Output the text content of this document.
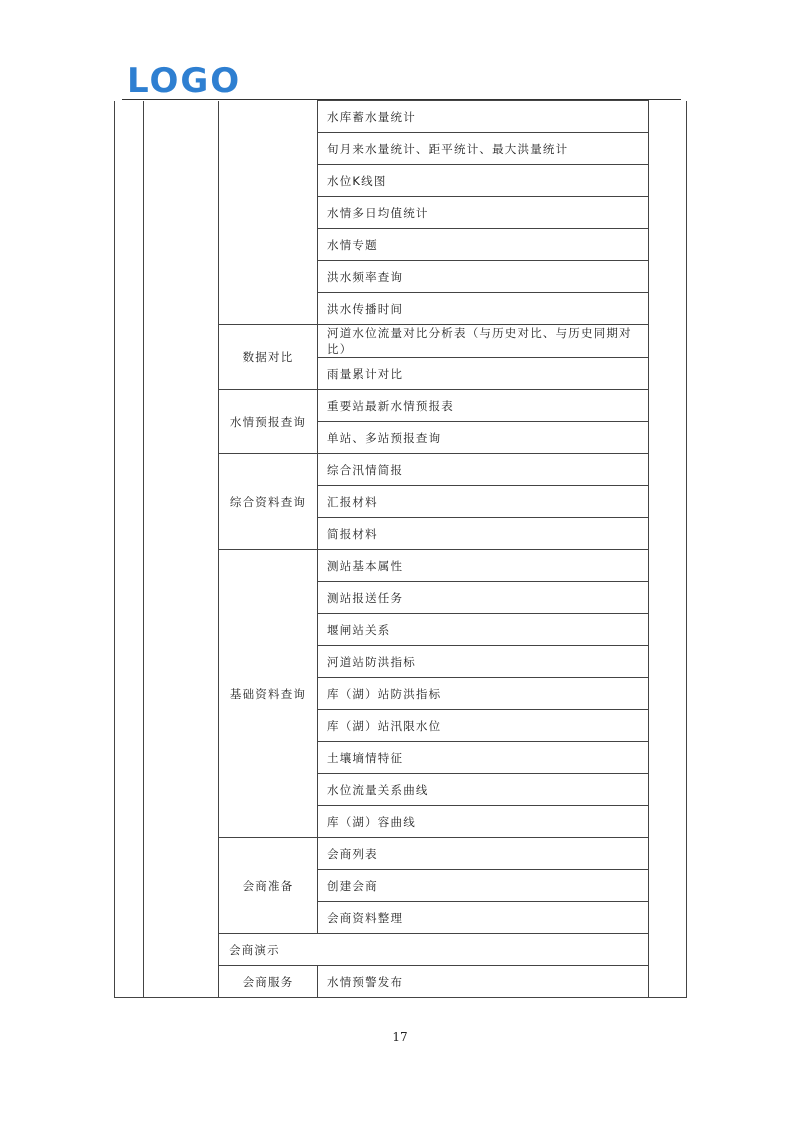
LOGO
			水库蓄水量统计	
			旬月来水量统计、距平统计、最大洪量统计	
			水位K线图	
			水情多日均值统计	
			水情专题	
			洪水频率查询	
			洪水传播时间	
		数据对比	河道水位流量对比分析表（与历史对比、与历史同期对比）	
			雨量累计对比	
		水情预报查询	重要站最新水情预报表	
			单站、多站预报查询	
		综合资料查询	综合汛情简报	
			汇报材料	
			简报材料	
		基础资料查询	测站基本属性	
			测站报送任务	
			堰闸站关系	
			河道站防洪指标	
			库（湖）站防洪指标	
			库（湖）站汛限水位	
			土壤墒情特征	
			水位流量关系曲线	
			库（湖）容曲线	
		会商准备	会商列表	
			创建会商	
			会商资料整理	
		会商演示		
		会商服务	水情预警发布	
17
